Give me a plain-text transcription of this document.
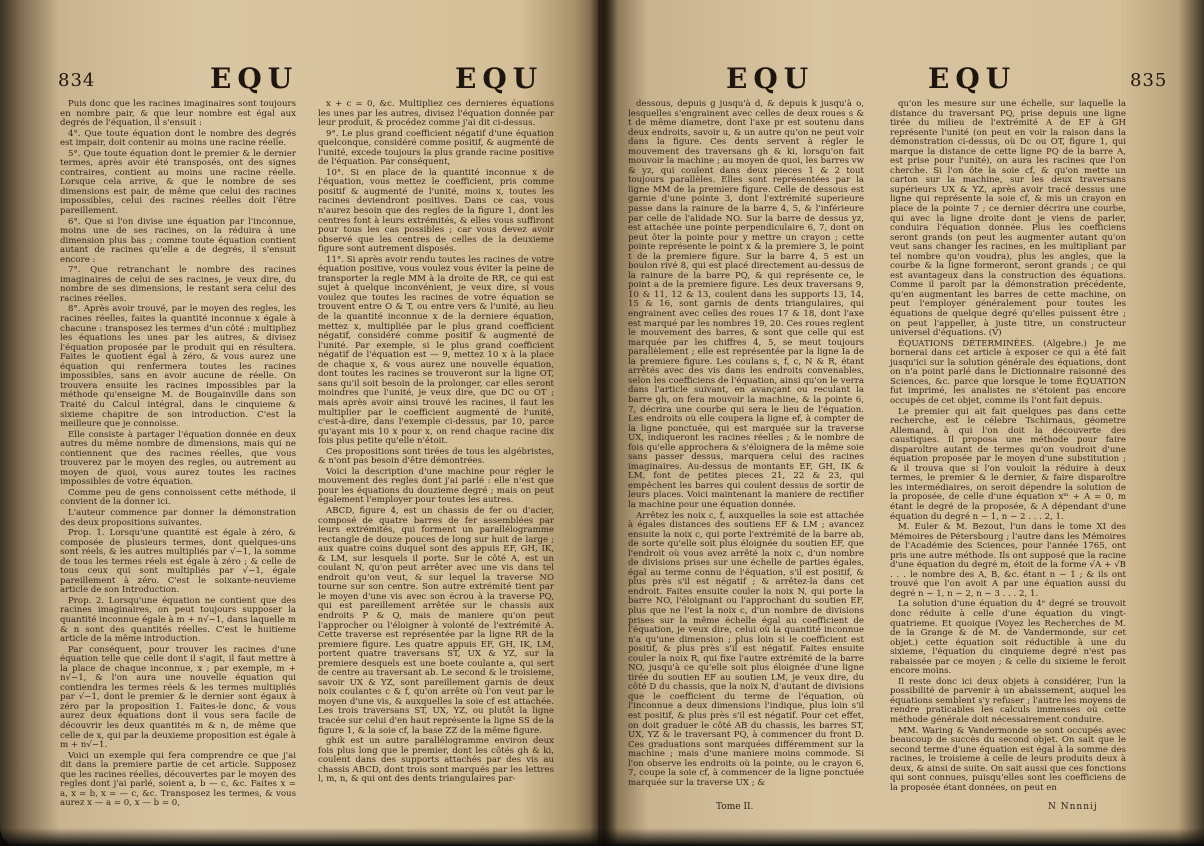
834	EQU	EQU

Puis donc que les racines imaginaires sont toujours en nombre pair, & que leur nombre est égal aux degrés de l'équation, il s'ensuit :

4°. Que toute équation dont le nombre des degrés est impair, doit contenir au moins une racine réelle.

5°. Que toute équation dont le premier & le dernier termes, après avoir été transposés, ont des signes contraires, contient au moins une racine réelle. Lorsque cela arrive, & que le nombre de ses dimensions est pair, de même que celui des racines impossibles, celui des racines réelles doit l'être pareillement.

6°. Que si l'on divise une équation par l'inconnue, moins une de ses racines, on la réduira à une dimension plus bas ; comme toute équation contient autant de racines qu'elle a de degrés, il s'ensuit encore :

7°. Que retranchant le nombre des racines imaginaires de celui de ses racines, je veux dire, du nombre de ses dimensions, le restant sera celui des racines réelles.

8°. Après avoir trouvé, par le moyen des regles, les racines réelles, faites la quantité inconnue x égale à chacune : transposez les termes d'un côté : multipliez les équations les unes par les autres, & divisez l'équation proposée par le produit qui en résultera. Faites le quotient égal à zéro, & vous aurez une équation qui renfermera toutes les racines impossibles, sans en avoir aucune de réelle. On trouvera ensuite les racines impossibles par la méthode qu'enseigne M. de Bougainville dans son Traité du Calcul intégral, dans le cinquieme & sixieme chapitre de son introduction. C'est la meilleure que je connoisse.

Elle consiste à partager l'équation donnée en deux autres du même nombre de dimensions, mais qui ne contiennent que des racines réelles, que vous trouverez par le moyen des regles, ou autrement au moyen de quoi, vous aurez toutes les racines impossibles de votre équation.

Comme peu de gens connoissent cette méthode, il convient de la donner ici.

L'auteur commence par donner la démonstration des deux propositions suivantes.

Prop. 1. Lorsqu'une quantité est égale à zéro, & composée de plusieurs termes, dont quelques-uns sont réels, & les autres multipliés par √−1, la somme de tous les termes réels est égale à zéro ; & celle de tous ceux qui sont multipliés par √−1, égale pareillement à zéro. C'est le soixante-neuvieme article de son Introduction.

Prop. 2. Lorsqu'une équation ne contient que des racines imaginaires, on peut toujours supposer la quantité inconnue égale à m + n√−1, dans laquelle m & n sont des quantités réelles. C'est le huitieme article de la même introduction.

Par conséquent, pour trouver les racines d'une équation telle que celle dont il s'agit, il faut mettre à la place de chaque inconnue, x ; par exemple, m + n√−1, & l'on aura une nouvelle équation qui contiendra les termes réels & les termes multipliés par √−1, dont le premier & le dernier sont égaux à zéro par la proposition 1. Faites-le donc, & vous aurez deux équations dont il vous sera facile de découvrir les deux quantités m & n, de même que celle de x, qui par la deuxieme proposition est égale à m + n√−1.

Voici un exemple qui fera comprendre ce que j'ai dit dans la premiere partie de cet article. Supposez que les racines réelles, découvertes par le moyen des regles dont j'ai parlé, soient a, b — c, &c. Faites x = a, x = b, x = — c, &c. Transposez les termes, & vous aurez x — a = 0, x — b = 0,

x + c = 0, &c. Multipliez ces dernieres équations les unes par les autres, divisez l'équation donnée par leur produit, & procédez comme j'ai dit ci-dessus.

9°. Le plus grand coefficient négatif d'une équation quelconque, considéré comme positif, & augmenté de l'unité, excede toujours la plus grande racine positive de l'équation. Par conséquent,

10°. Si en place de la quantité inconnue x de l'équation, vous mettez le coefficient, pris comme positif & augmenté de l'unité, moins x, toutes les racines deviendront positives. Dans ce cas, vous n'aurez besoin que des regles de la figure 1, dont les centres font à leurs extrémités, & elles vous suffiront pour tous les cas possibles ; car vous devez avoir observé que les centres de celles de la deuxieme figure sont autrement disposés.

11°. Si après avoir rendu toutes les racines de votre équation positive, vous voulez vous éviter la peine de transporter la regle MM à la droite de RR, ce qui est sujet à quelque inconvénient, je veux dire, si vous voulez que toutes les racines de votre équation se trouvent entre O & T, ou entre vers & l'unité, au lieu de la quantité inconnue x de la derniere équation, mettez x, multipliée par le plus grand coefficient négatif, considéré comme positif & augmenté de l'unité. Par exemple, si le plus grand coefficient négatif de l'équation est — 9, mettez 10 x à la place de chaque x, & vous aurez une nouvelle équation, dont toutes les racines se trouveront sur la ligne OT, sans qu'il soit besoin de la prolonger, car elles seront moindres que l'unité, je veux dire, que DC ou OT ; mais après avoir ainsi trouvé les racines, il faut les multiplier par le coefficient augmenté de l'unité, c'est-à-dire, dans l'exemple ci-dessus, par 10, parce qu'ayant mis 10 x pour x, on rend chaque racine dix fois plus petite qu'elle n'étoit.

Ces propositions sont tirées de tous les algébristes, & n'ont pas besoin d'être démontrées.

Voici la description d'une machine pour régler le mouvement des regles dont j'ai parlé : elle n'est que pour les équations du douzieme degré ; mais on peut également l'employer pour toutes les autres.

ABCD, figure 4, est un chassis de fer ou d'acier, composé de quatre barres de fer assemblées par leurs extrémités, qui forment un parallélogramme rectangle de douze pouces de long sur huit de large ; aux quatre coins duquel sont des appuis EF, GH, IK, & LM, sur lesquels il porte. Sur le côté A, est un coulant N, qu'on peut arrêter avec une vis dans tel endroit qu'on veut, & sur lequel la traverse NO tourne sur son centre. Son autre extrémité tient par le moyen d'une vis avec son écrou à la traverse PQ, qui est pareillement arrêtée sur le chassis aux endroits P & Q, mais de maniere qu'on peut l'approcher ou l'éloigner à volonté de l'extrémité A. Cette traverse est représentée par la ligne RR de la premiere figure. Les quatre appuis EF, GH, IK, LM, portent quatre traversans ST, UX & YZ, sur la premiere desquels est une boete coulante a, qui sert de centre au traversant ab. Le second & le troisieme, savoir UX & YZ, sont pareillement garnis de deux noix coulantes c & f, qu'on arrête où l'on veut par le moyen d'une vis, & auxquelles la soie cf est attachée. Les trois traversans ST, UX, YZ, ou plutôt la ligne tracée sur celui d'en haut représente la ligne SS de la figure 1, & la soie cf, la base ZZ de la même figure.

ghik est un autre parallélogramme environ deux fois plus long que le premier, dont les côtés gh & ki, coulent dans des supports attachés par des vis au chassis ABCD, dont trois sont marqués par les lettres l, m, n, & qui ont des dents triangulaires par-

EQU	EQU	835

dessous, depuis g jusqu'à d, & depuis k jusqu'à o, lesquelles s'engrainent avec celles de deux roues s & t de même diametre, dont l'axe pr est soutenu dans deux endroits, savoir u, & un autre qu'on ne peut voir dans la figure. Ces dents servent à régler le mouvement des traversans gh & ki, lorsqu'on fait mouvoir la machine ; au moyen de quoi, les barres vw & yz, qui coulent dans deux pieces 1 & 2 tout toujours parallèles. Elles sont représentées par la ligne MM de la premiere figure. Celle de dessous est garnie d'une pointe 3, dont l'extrémité superieure passe dans la rainure de la barre 4, 5, & l'inférieure par celle de l'alidade NO. Sur la barre de dessus yz, est attachée une pointe perpendiculaire 6, 7, dont on peut ôter la pointe pour y mettre un crayon ; cette pointe représente le point x & la premiere 3, le point t de la premiere figure. Sur la barre 4, 5 est un boulon rivé 8, qui est placé directement au-dessus de la rainure de la barre PQ, & qui représente ce, le point a de la premiere figure. Les deux traversans 9, 10 & 11, 12 & 13, coulent dans les supports 13, 14, 15 & 16, sont garnis de dents triangulaires, qui engrainent avec celles des roues 17 & 18, dont l'axe est marqué par les nombres 19, 20. Ces roues reglent le mouvement des barres, & sont que celle qui est marquée par les chiffres 4, 5, se meut toujours parallèlement ; elle est représentée par la ligne Ia de la premiere figure. Les coulans s, f, c, N & R, étant arrêtés avec des vis dans les endroits convenables, selon les coefficiens de l'équation, ainsi qu'on le verra dans l'article suivant, en avançant ou reculant la barre gh, on fera mouvoir la machine, & la pointe 6, 7, décrira une courbe qui sera le lieu de l'équation. Les endroits où elle coupera la ligne ef, à compter de la ligne ponctuée, qui est marquée sur la traverse UX, indiqueront les racines réelles ; & le nombre de fois qu'elle approchera & s'éloignera de la même soie sans passer dessus, marquera celui des racines imaginaires. Au-dessus de montants EF, GH, IK & LM, font de petites pieces 21, 22 & 23, qui empêchent les barres qui coulent dessus de sortir de leurs places. Voici maintenant la maniere de rectifier la machine pour une équation donnée.

Arrêtez les noix c, f, auxquelles la soie est attachée à égales distances des soutiens EF & LM ; avancez ensuite la noix c, qui porte l'extrémité de la barre ab, de sorte qu'elle soit plus éloignée du soutien EF, que l'endroit où vous avez arrêté la noix c, d'un nombre de divisions prises sur une échelle de parties égales, égal au terme connu de l'équation, s'il est positif, & plus près s'il est négatif ; & arrêtez-la dans cet endroit. Faites ensuite couler la noix N, qui porte la barre NO, l'éloignant ou l'approchant du soutien EF, plus que ne l'est la noix c, d'un nombre de divisions prises sur la même échelle égal au coefficient de l'équation, je veux dire, celui où la quantité inconnue n'a qu'une dimension ; plus loin si le coefficient est positif, & plus près s'il est négatif. Faites ensuite couler la noix R, qui fixe l'autre extrémité de la barre NO, jusqu'à ce qu'elle soit plus éloignée d'une ligne tirée du soutien EF au soutien LM, je veux dire, du côté D du chassis, que la noix N, d'autant de divisions que le coefficient du terme de l'équation, où l'inconnue a deux dimensions l'indique, plus loin s'il est positif, & plus près s'il est négatif. Pour cet effet, on doit graduer le côté AB du chassis, les barres ST, UX, YZ & le traversant PQ, à commencer du front D. Ces graduations sont marquées différemment sur la machine ; mais d'une maniere moins commode. Si l'on observe les endroits où la pointe, ou le crayon 6, 7, coupe la soie cf, à commencer de la ligne ponctuée marquée sur la traverse UX ; &

qu'on les mesure sur une échelle, sur laquelle la distance du traversant PQ, prise depuis une ligne tirée du milieu de l'extrémité A de EF à GH représente l'unité (on peut en voir la raison dans la démonstration ci-dessus, où Dc ou OT, figure 1, qui marque la distance de cette ligne PQ de la barre A, est prise pour l'unité), on aura les racines que l'on cherche. Si l'on ôte la soie cf, & qu'on mette un carton sur la machine, sur les deux traversans supérieurs UX & YZ, après avoir tracé dessus une ligne qui représente la soie cf, & mis un crayon en place de la pointe 7 ; ce dernier décrira une courbe, qui avec la ligne droite dont je viens de parler, conduira l'équation donnée. Plus les coefficiens seront grands (on peut les augmenter autant qu'on veut sans changer les racines, en les multipliant par tel nombre qu'on voudra), plus les angles, que la courbe & la ligne formeront, seront grands ; ce qui est avantageux dans la construction des équations. Comme il paroît par la démonstration précédente, qu'en augmentant les barres de cette machine, on peut l'employer généralement pour toutes les équations de quelque degré qu'elles puissent être ; on peut l'appeller, à juste titre, un constructeur universel d'équations. (V)

ÉQUATIONS DÉTERMINÉES. (Algebre.) Je me bornerai dans cet article à exposer ce qui a été fait jusqu'ici sur la solution générale des équations, dont on n'a point parlé dans le Dictionnaire raisonné des Sciences, &c. parce que lorsque le tome ÉQUATION fut imprimé, les analistes ne s'étoient pas encore occupés de cet objet, comme ils l'ont fait depuis.

Le premier qui ait fait quelques pas dans cette recherche, est le célebre Tschirnaus, géometre Allemand, à qui l'on doit la découverte des caustiques. Il proposa une méthode pour faire disparoître autant de termes qu'on voudroit d'une équation proposée par le moyen d'une substitution ; & il trouva que si l'on vouloit la réduire à deux termes, le premier & le dernier, & faire disparoître les intermédiaires, on seroit dépendre la solution de la proposée, de celle d'une équation xᵐ + A = 0, m étant le degré de la proposée, & A dépendant d'une équation du degré n − 1, n − 2 . . . 2, 1.

M. Euler & M. Bezout, l'un dans le tome XI des Mémoires de Pétersbourg ; l'autre dans les Mémoires de l'Académie des Sciences, pour l'année 1765, ont pris une autre méthode. Ils ont supposé que la racine d'une équation du degré m, étoit de la forme √A + √B . . . le nombre des A, B, &c. étant n − 1 ; & ils ont trouvé que l'on avoit A par une équation aussi du degré n − 1, n − 2, n − 3 . . . 2, 1.

La solution d'une équation du 4ᵉ degré se trouvoit donc réduite à celle d'une équation du vingt-quatrieme. Et quoique (Voyez les Recherches de M. de la Grange & de M. de Vandermonde, sur cet objet.) cette équation soit réductible à une du sixieme, l'équation du cinquieme degré n'est pas rabaissée par ce moyen ; & celle du sixieme le feroit encore moins.

Il reste donc ici deux objets à considérer, l'un la possibilité de parvenir à un abaissement, auquel les équations semblent s'y refuser ; l'autre les moyens de rendre praticables les calculs immenses où cette méthode générale doit nécessairement conduire.

MM. Waring & Vandermonde se sont occupés avec beaucoup de succès du second objet. On sait que le second terme d'une équation est égal à la somme des racines, le troisieme à celle de leurs produits deux à deux, & ainsi de suite. On sait aussi que ces fonctions qui sont connues, puisqu'elles sont les coefficiens de la proposée étant données, on peut en

Tome II.	N Nnnnij
